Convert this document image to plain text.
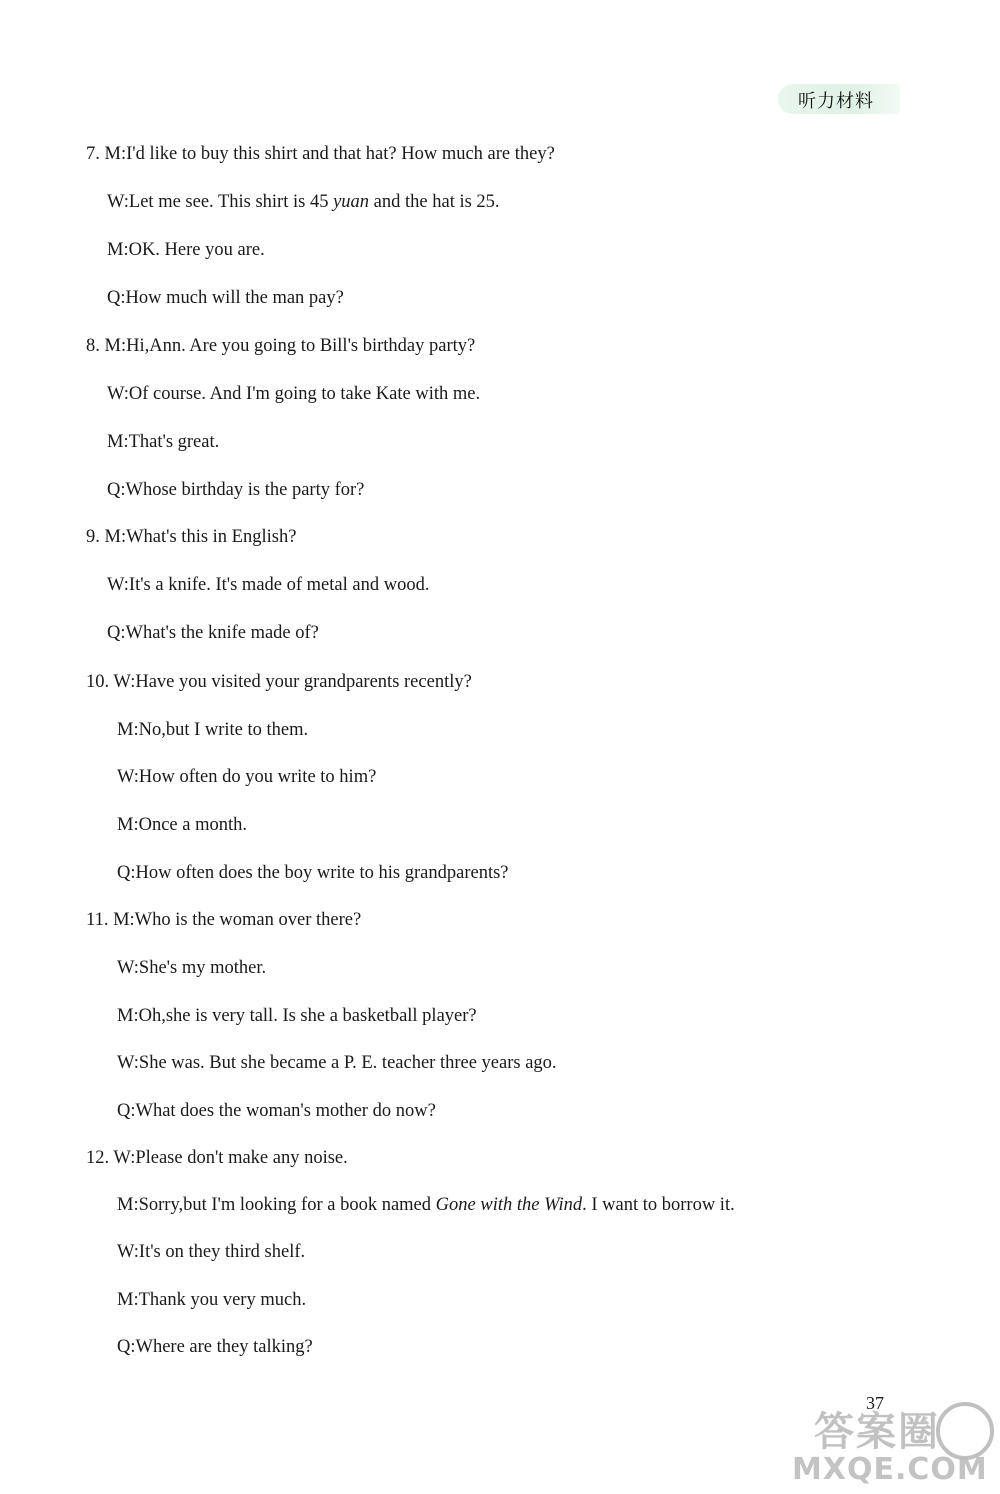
听力材料
7. M:I'd like to buy this shirt and that hat? How much are they?
W:Let me see. This shirt is 45 yuan and the hat is 25.
M:OK. Here you are.
Q:How much will the man pay?
8. M:Hi,Ann. Are you going to Bill's birthday party?
W:Of course. And I'm going to take Kate with me.
M:That's great.
Q:Whose birthday is the party for?
9. M:What's this in English?
W:It's a knife. It's made of metal and wood.
Q:What's the knife made of?
10. W:Have you visited your grandparents recently?
M:No,but I write to them.
W:How often do you write to him?
M:Once a month.
Q:How often does the boy write to his grandparents?
11. M:Who is the woman over there?
W:She's my mother.
M:Oh,she is very tall. Is she a basketball player?
W:She was. But she became a P. E. teacher three years ago.
Q:What does the woman's mother do now?
12. W:Please don't make any noise.
M:Sorry,but I'm looking for a book named Gone with the Wind. I want to borrow it.
W:It's on they third shelf.
M:Thank you very much.
Q:Where are they talking?
37
答案圈
MXQE.COM
